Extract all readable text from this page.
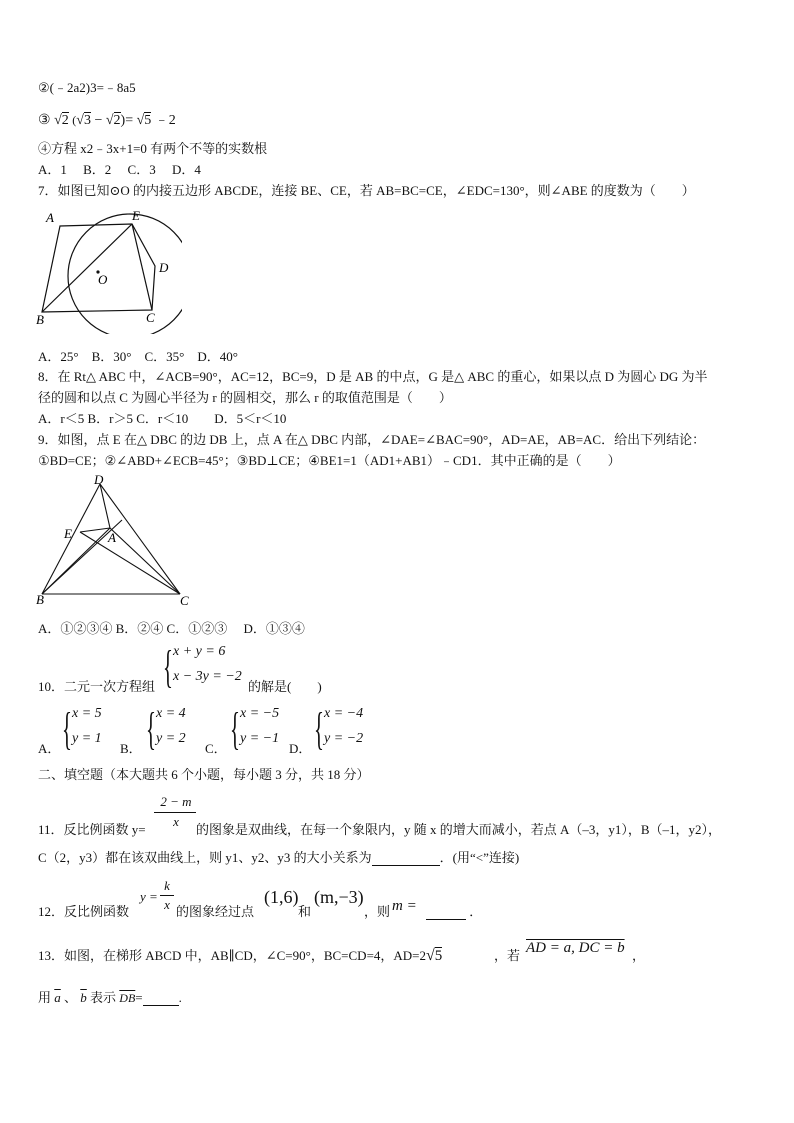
②(﹣2a2)3=﹣8a5
③ √2 (√3 − √2)= √5 ﹣2
④方程 x2﹣3x+1=0 有两个不等的实数根
A．1　 B．2　 C．3　 D．4
7．如图已知⊙O 的内接五边形 ABCDE，连接 BE、CE，若 AB=BC=CE，∠EDC=130°，则∠ABE 的度数为（　　）
A	E
D
O
B	C
A．25°　B．30°　C．35°　D．40°
8．在 Rt△ ABC 中，∠ACB=90°，AC=12，BC=9，D 是 AB 的中点，G 是△ ABC 的重心，如果以点 D 为圆心 DG 为半
径的圆和以点 C 为圆心半径为 r 的圆相交，那么 r 的取值范围是（　　）
A．r＜5 B．r＞5 C．r＜10　　D．5＜r＜10
9．如图，点 E 在△ DBC 的边 DB 上，点 A 在△ DBC 内部，∠DAE=∠BAC=90°，AD=AE，AB=AC．给出下列结论：
①BD=CE；②∠ABD+∠ECB=45°；③BD⊥CE；④BE1=1（AD1+AB1）﹣CD1．其中正确的是（　　）
D
E	A
B	C
A．①②③④ B．②④ C．①②③　 D．①③④
10．二元一次方程组 { x + y = 6
x − 3y = −2
的解是(　　)
A． { x = 5
y = 1
B． { x = 4
y = 2
C． { x = −5
y = −1
D． { x = −4
y = −2
二、填空题（本大题共 6 个小题，每小题 3 分，共 18 分）
2 − m
x
11．反比例函数 y=	的图象是双曲线，在每一个象限内，y 随 x 的增大而减小，若点 A（–3，y1），B（–1，y2），
C（2，y3）都在该双曲线上，则 y1、y2、y3 的大小关系为	．(用“<”连接)
12．反比例函数
y =
k
x 的图象经过点
(1,6)
和
(m,−3)
，则 m =	．
13．如图，在梯形 ABCD 中，AB∥CD，∠C=90°，BC=CD=4，AD=2√5	，若 AD = a, DC = b ，
用 $\overline{a}$ 、 $\overline{b}$ 表示 $\overline{DB}=$	.
